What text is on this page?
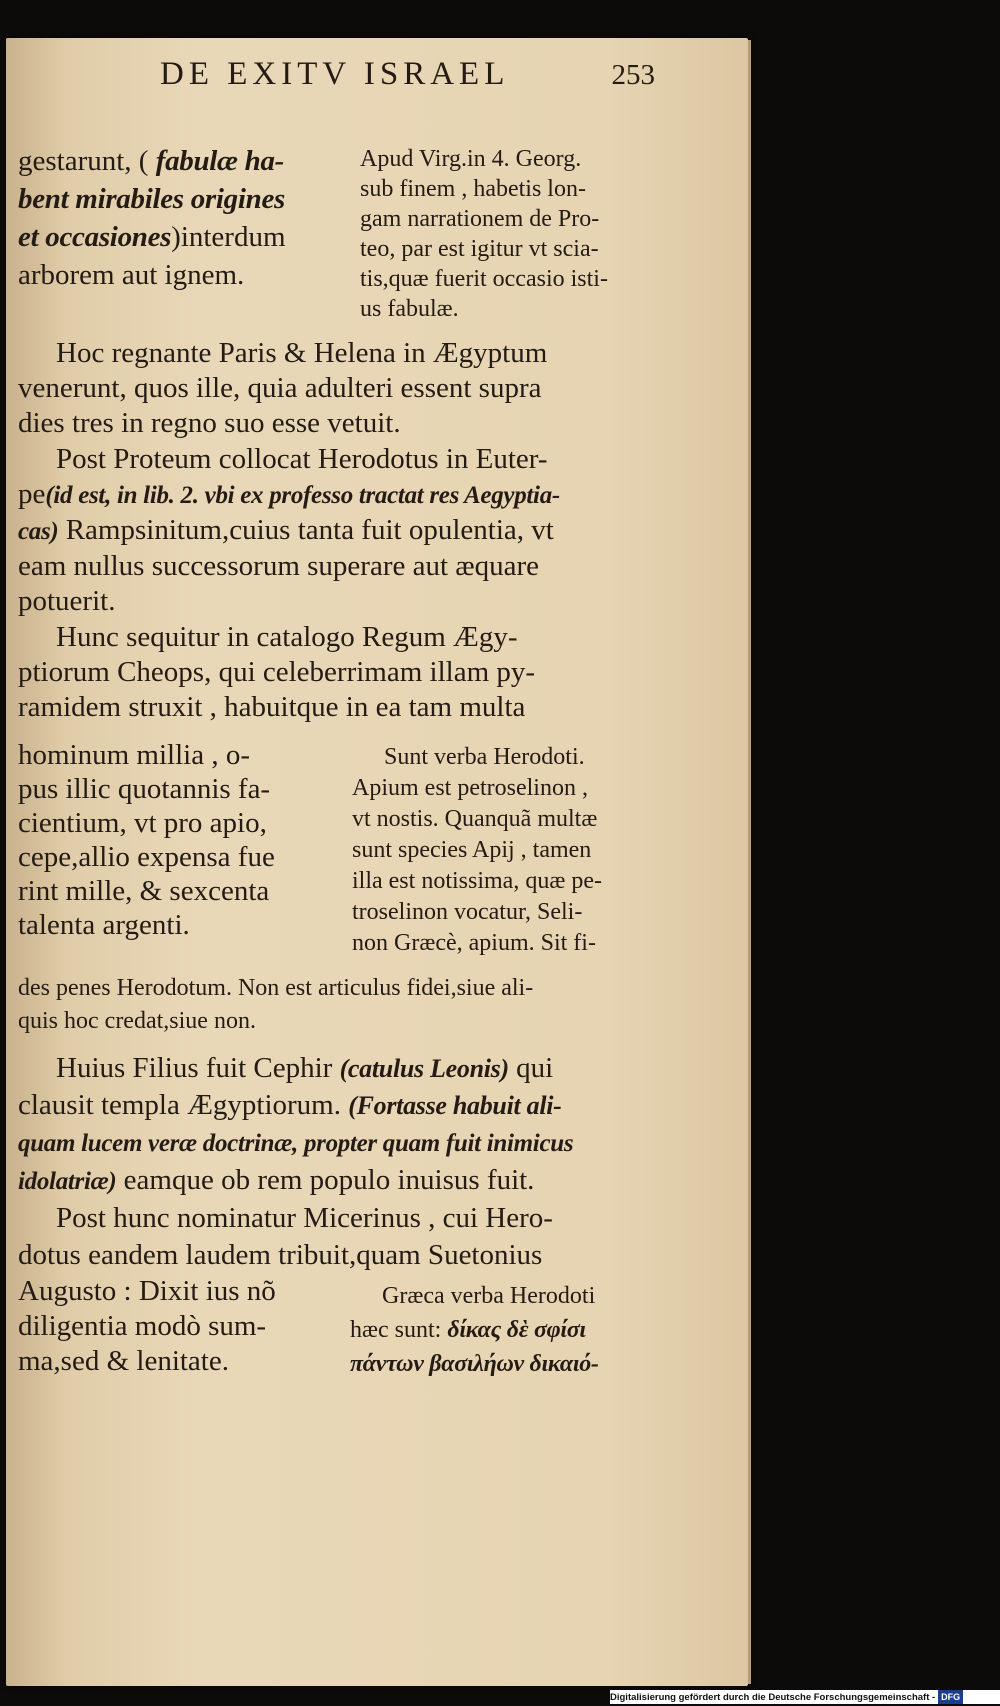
DE EXITV ISRAEL	253
gestarunt, ( fabulæ ha-
bent mirabiles origines
et occasiones)interdum
arborem aut ignem.
Apud Virg.in 4. Georg.
sub finem , habetis lon-
gam narrationem de Pro-
teo, par est igitur vt scia-
tis,quæ fuerit occasio isti-
us fabulæ.
Hoc regnante Paris & Helena in Ægyptum
venerunt, quos ille, quia adulteri essent supra
dies tres in regno suo esse vetuit.
Post Proteum collocat Herodotus in Euter-
pe(id est, in lib. 2. vbi ex professo tractat res Aegyptia-
cas) Rampsinitum,cuius tanta fuit opulentia, vt
eam nullus successorum superare aut æquare
potuerit.
Hunc sequitur in catalogo Regum Ægy-
ptiorum Cheops, qui celeberrimam illam py-
ramidem struxit , habuitque in ea tam multa
hominum millia , o-
pus illic quotannis fa-
cientium, vt pro apio,
cepe,allio expensa fue
rint mille, & sexcenta
talenta argenti.
Sunt verba Herodoti.
Apium est petroselinon ,
vt nostis. Quanquã multæ
sunt species Apij , tamen
illa est notissima, quæ pe-
troselinon vocatur, Seli-
non Græcè, apium. Sit fi-
des penes Herodotum. Non est articulus fidei,siue ali-
quis hoc credat,siue non.
Huius Filius fuit Cephir (catulus Leonis) qui
clausit templa Ægyptiorum. (Fortasse habuit ali-
quam lucem veræ doctrinæ, propter quam fuit inimicus
idolatriæ) eamque ob rem populo inuisus fuit.
Post hunc nominatur Micerinus , cui Hero-
dotus eandem laudem tribuit,quam Suetonius
Augusto : Dixit ius nõ
diligentia modò sum-
ma,sed & lenitate.
Græca verba Herodoti
hæc sunt: δίκας δὲ σφίσι
πάντων βασιλήων δικαιό-
Digitalisierung gefördert durch die Deutsche Forschungsgemeinschaft - DFG
